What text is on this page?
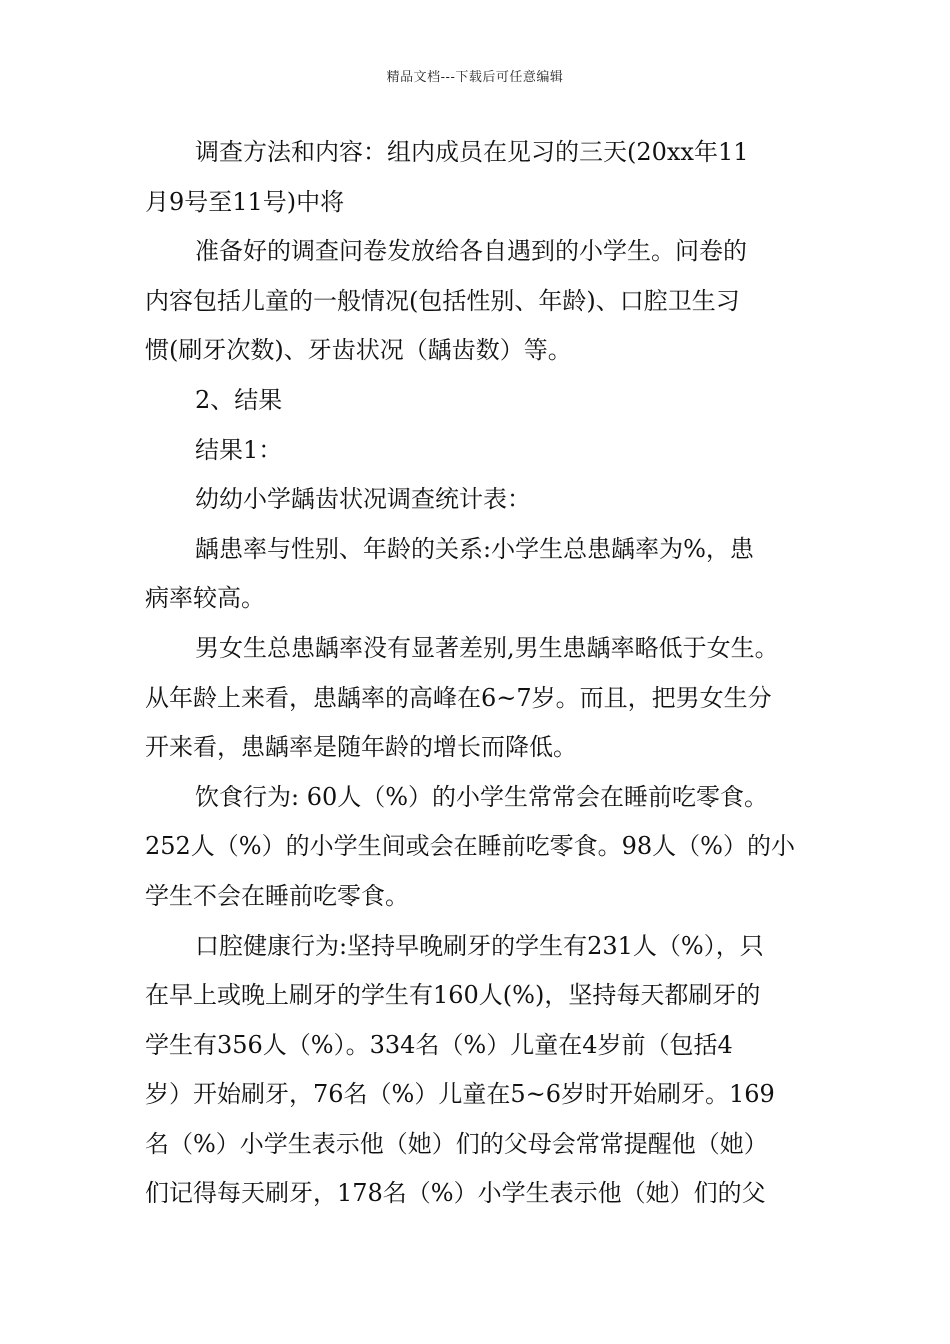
精品文档---下载后可任意编辑
调查方法和内容：组内成员在见习的三天(20xx年11
月9号至11号)中将
准备好的调查问卷发放给各自遇到的小学生。问卷的
内容包括儿童的一般情况(包括性别、年龄)、口腔卫生习
惯(刷牙次数)、牙齿状况（龋齿数）等。
2、结果
结果1：
幼幼小学龋齿状况调查统计表：
龋患率与性别、年龄的关系:小学生总患龋率为%，患
病率较高。
男女生总患龋率没有显著差别,男生患龋率略低于女生。
从年龄上来看，患龋率的高峰在6~7岁。而且，把男女生分
开来看，患龋率是随年龄的增长而降低。
饮食行为: 60人（%）的小学生常常会在睡前吃零食。
252人（%）的小学生间或会在睡前吃零食。98人（%）的小
学生不会在睡前吃零食。
口腔健康行为:坚持早晚刷牙的学生有231人（%），只
在早上或晚上刷牙的学生有160人(%)，坚持每天都刷牙的
学生有356人（%）。334名（%）儿童在4岁前（包括4
岁）开始刷牙，76名（%）儿童在5~6岁时开始刷牙。169
名（%）小学生表示他（她）们的父母会常常提醒他（她）
们记得每天刷牙，178名（%）小学生表示他（她）们的父
